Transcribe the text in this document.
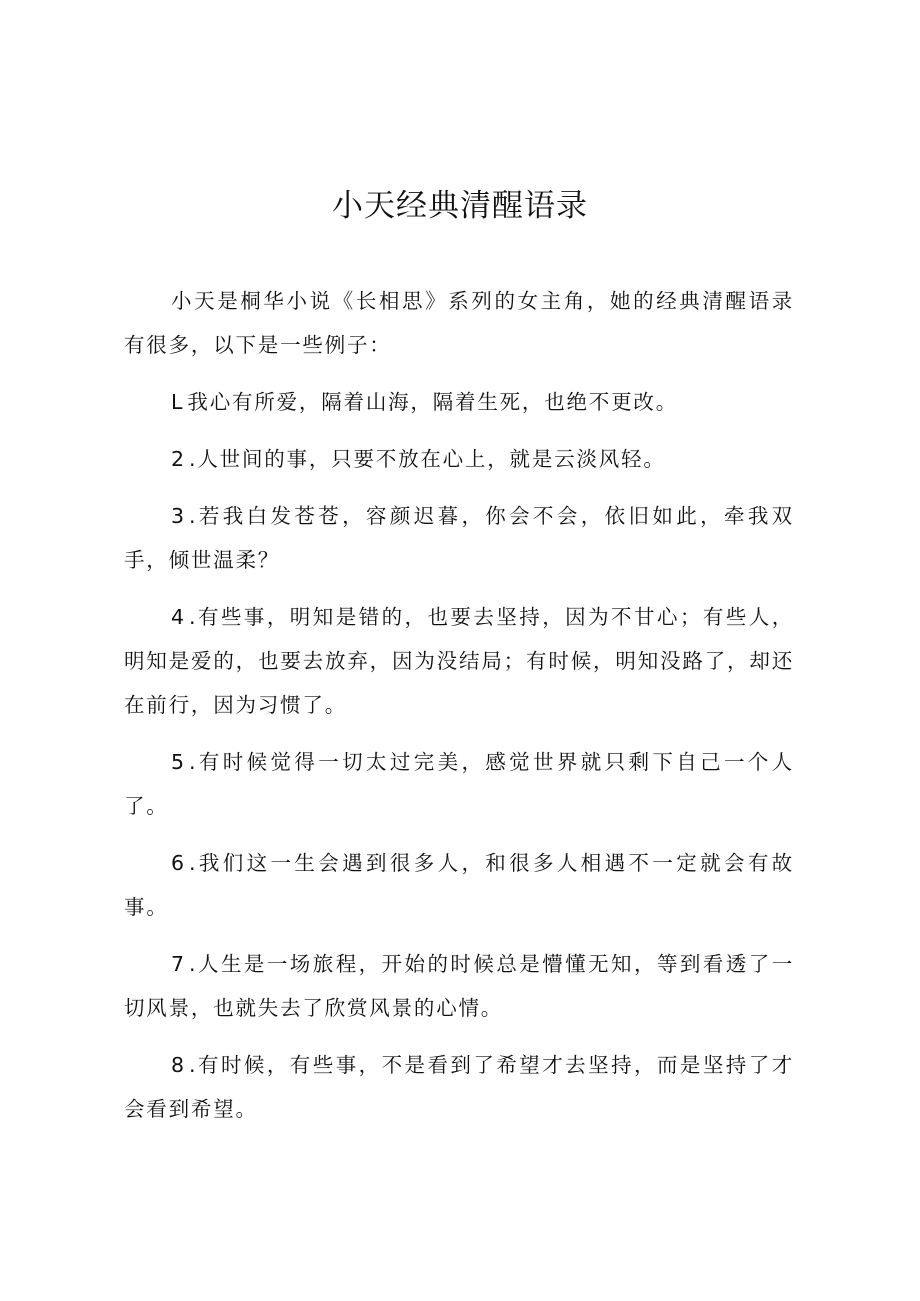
小天经典清醒语录

小天是桐华小说《长相思》系列的女主角，她的经典清醒语录有很多，以下是一些例子：

L我心有所爱，隔着山海，隔着生死，也绝不更改。

2.人世间的事，只要不放在心上，就是云淡风轻。

3.若我白发苍苍，容颜迟暮，你会不会，依旧如此，牵我双手，倾世温柔？

4.有些事，明知是错的，也要去坚持，因为不甘心；有些人，明知是爱的，也要去放弃，因为没结局；有时候，明知没路了，却还在前行，因为习惯了。

5.有时候觉得一切太过完美，感觉世界就只剩下自己一个人了。

6.我们这一生会遇到很多人，和很多人相遇不一定就会有故事。

7.人生是一场旅程，开始的时候总是懵懂无知，等到看透了一切风景，也就失去了欣赏风景的心情。

8.有时候，有些事，不是看到了希望才去坚持，而是坚持了才会看到希望。
